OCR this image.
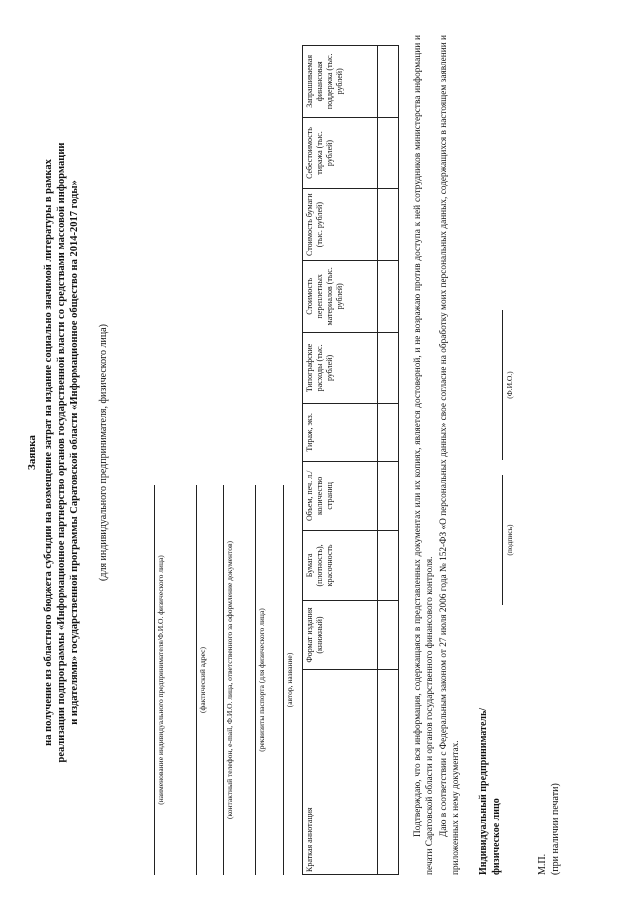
Заявка на получение из областного бюджета субсидии на возмещение затрат на издание социально значимой литературы в рамках реализации подпрограммы «Информационное партнерство органов государственной власти со средствами массовой информации и издателями» государственной программы Саратовской области «Информационное общество на 2014-2017 годы» (для индивидуального предпринимателя, физического лица)
(наименование индивидуального предпринимателя/Ф.И.О. физического лица)	(фактический адрес) (контактный телефон, e-mail, Ф.И.О. лица, ответственного за оформление документов)	(реквизиты паспорта (для физического лица)	(автор, название)
Краткая аннотация	Формат издания (книжный)	Бумага (плотность), красочность	Объем, печ. л./ количество страниц	Тираж, экз.	Типографские расходы (тыс. рублей)	Стоимость переплетных материалов (тыс. рублей)	Стоимость бумаги (тыс. рублей)	Себестоимость тиража (тыс. рублей)	Запрашиваемая финансовая поддержка (тыс. рублей)
										Подтверждаю, что вся информация, содержащаяся в представленных документах или их копиях, является достоверной, и не возражаю против доступа к ней сотрудников министерства информации и печати Саратовской области и органов государственного финансового контроля. Даю в соответствии с Федеральным законом от 27 июля 2006 года № 152-ФЗ «О персональных данных» свое согласие на обработку моих персональных данных, содержащихся в настоящем заявлении и приложенных к нему документах. Индивидуальный предприниматель/ физическое лицо
(подпись)
(Ф.И.О.)
М.П. (при наличии печати)
